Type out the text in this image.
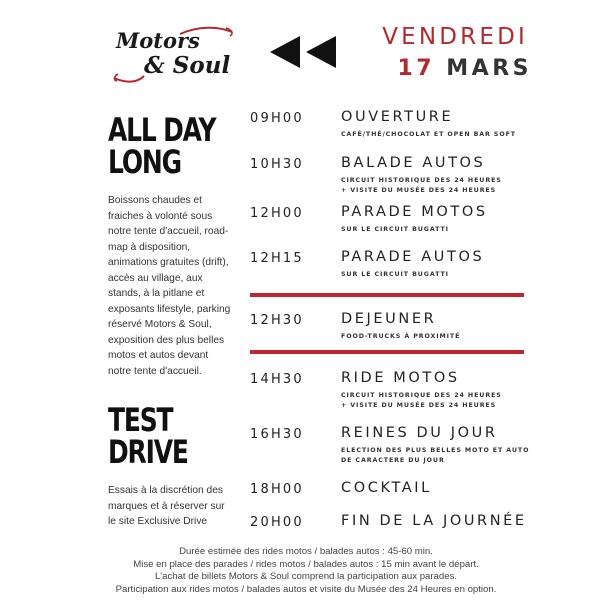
Motors
& Soul
VENDREDI
17 MARS
ALL DAY
LONG
Boissons chaudes et fraiches à volonté sous notre tente d'accueil, road-map à disposition, animations gratuites (drift), accès au village, aux stands, à la pitlane et exposants lifestyle, parking réservé Motors & Soul, exposition des plus belles motos et autos devant notre tente d'accueil.
TEST
DRIVE
Essais à la discrétion des marques et à réserver sur le site Exclusive Drive
09H00	OUVERTURE
CAFÉ/THÉ/CHOCOLAT ET OPEN BAR SOFT
10H30	BALADE AUTOS
CIRCUIT HISTORIQUE DES 24 HEURES
+ VISITE DU MUSÉE DES 24 HEURES
12H00	PARADE MOTOS
SUR LE CIRCUIT BUGATTI
12H15	PARADE AUTOS
SUR LE CIRCUIT BUGATTI
12H30	DEJEUNER
FOOD-TRUCKS À PROXIMITÉ
14H30	RIDE MOTOS
CIRCUIT HISTORIQUE DES 24 HEURES
+ VISITE DU MUSÉE DES 24 HEURES
16H30	REINES DU JOUR
ELECTION DES PLUS BELLES MOTO ET AUTO
DE CARACTERE DU JOUR
18H00	COCKTAIL
20H00	FIN DE LA JOURNÉE
Durée estimée des rides motos / balades autos : 45-60 min.
Mise en place des parades / rides motos / balades autos : 15 min avant le départ.
L'achat de billets Motors & Soul comprend la participation aux parades.
Participation aux rides motos / balades autos et visite du Musée des 24 Heures en option.
